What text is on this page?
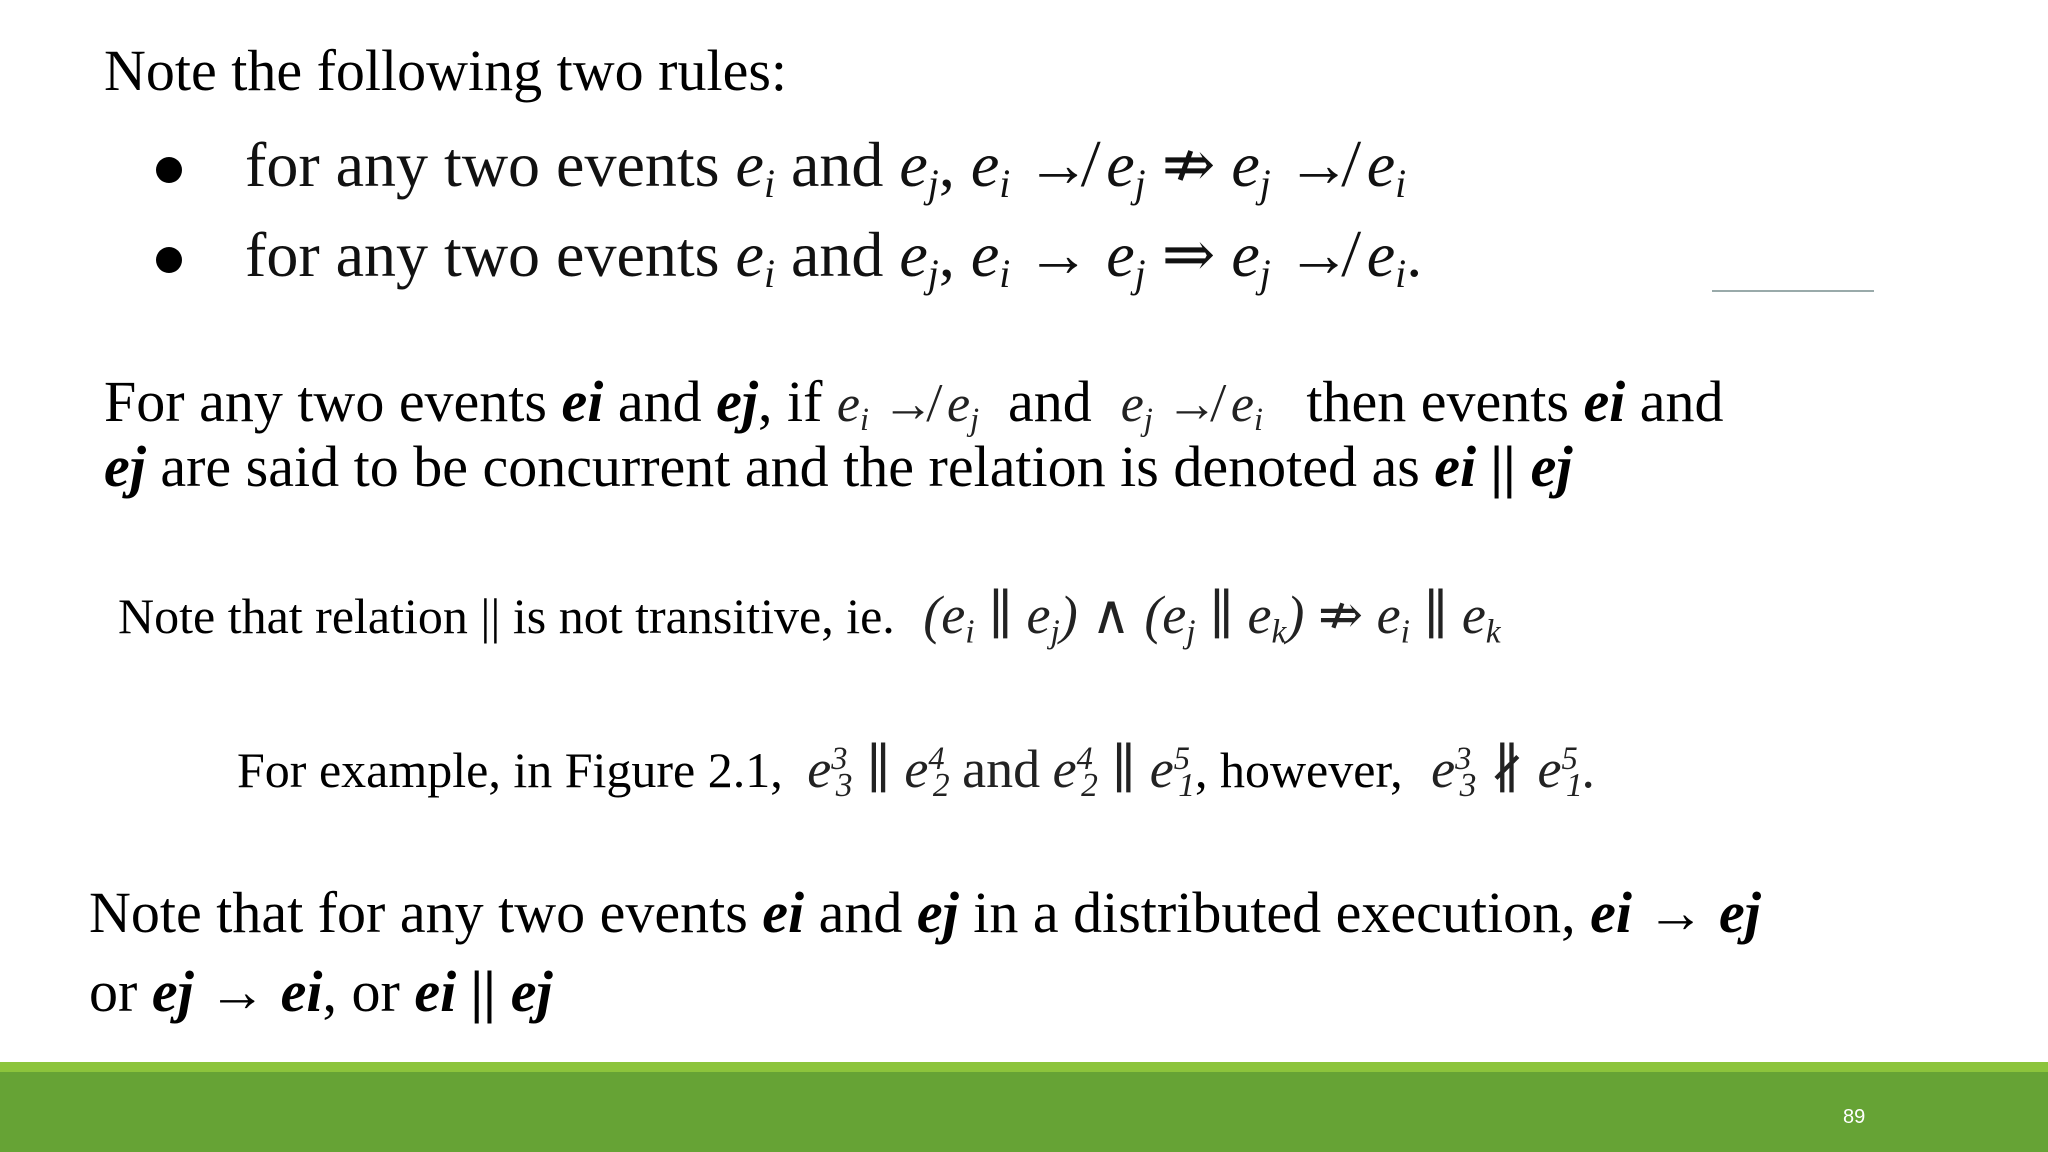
Note the following two rules:
for any two events $e_i$ and $e_j$, $e_i$ ↛ $e_j$ ⇏ $e_j$ ↛ $e_i$
for any two events $e_i$ and $e_j$, $e_i \to e_j$ ⇒ $e_j$ ↛ $e_i$.
For any two events ei and ej, if $e_i$ ↛ $e_j$ and $e_j$ ↛ $e_i$ then events ei and
ej are said to be concurrent and the relation is denoted as ei || ej
Note that relation || is not transitive, ie. ($e_i$ ∥ $e_j$) ∧ ($e_j$ ∥ $e_k$) ⇏ $e_i$ ∥ $e_k$
For example, in Figure 2.1, $e^3_3$ ∥ $e^4_2$ and $e^4_2$ ∥ $e^5_1$, however, $e^3_3$ ∦ $e^5_1$.
Note that for any two events ei and ej in a distributed execution, ei → ej
or ej → ei, or ei || ej
89
